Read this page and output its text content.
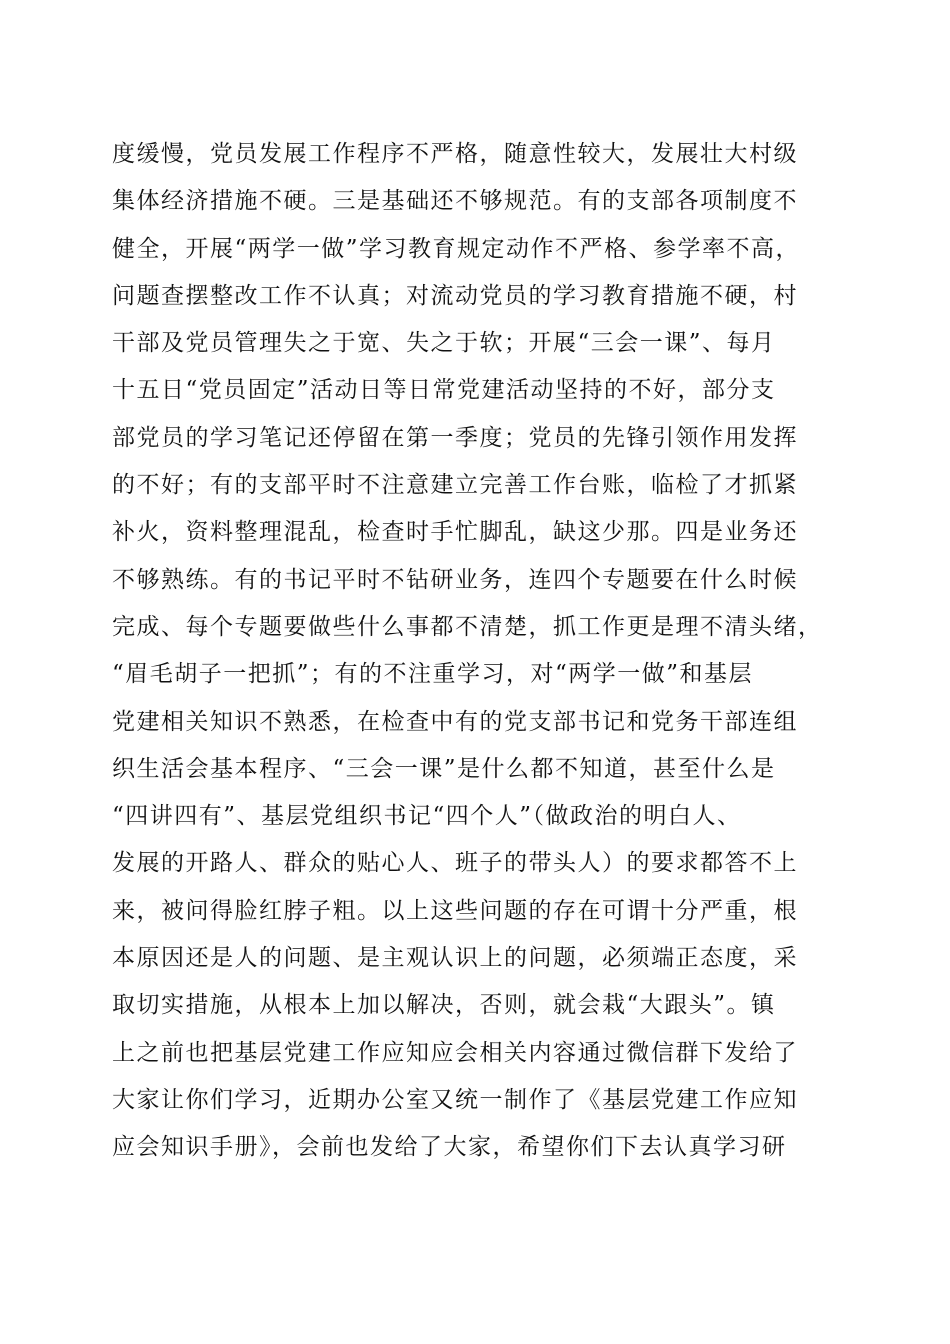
度缓慢，党员发展工作程序不严格，随意性较大，发展壮大村级
集体经济措施不硬。三是基础还不够规范。有的支部各项制度不
健全，开展“两学一做”学习教育规定动作不严格、参学率不高，
问题查摆整改工作不认真；对流动党员的学习教育措施不硬，村
干部及党员管理失之于宽、失之于软；开展“三会一课”、每月
十五日“党员固定”活动日等日常党建活动坚持的不好，部分支
部党员的学习笔记还停留在第一季度；党员的先锋引领作用发挥
的不好；有的支部平时不注意建立完善工作台账，临检了才抓紧
补火，资料整理混乱，检查时手忙脚乱，缺这少那。四是业务还
不够熟练。有的书记平时不钻研业务，连四个专题要在什么时候
完成、每个专题要做些什么事都不清楚，抓工作更是理不清头绪，
“眉毛胡子一把抓”；有的不注重学习，对“两学一做”和基层
党建相关知识不熟悉，在检查中有的党支部书记和党务干部连组
织生活会基本程序、“三会一课”是什么都不知道，甚至什么是
“四讲四有”、基层党组织书记“四个人”（做政治的明白人、
发展的开路人、群众的贴心人、班子的带头人）的要求都答不上
来，被问得脸红脖子粗。以上这些问题的存在可谓十分严重，根
本原因还是人的问题、是主观认识上的问题，必须端正态度，采
取切实措施，从根本上加以解决，否则，就会栽“大跟头”。镇
上之前也把基层党建工作应知应会相关内容通过微信群下发给了
大家让你们学习，近期办公室又统一制作了《基层党建工作应知
应会知识手册》，会前也发给了大家，希望你们下去认真学习研
